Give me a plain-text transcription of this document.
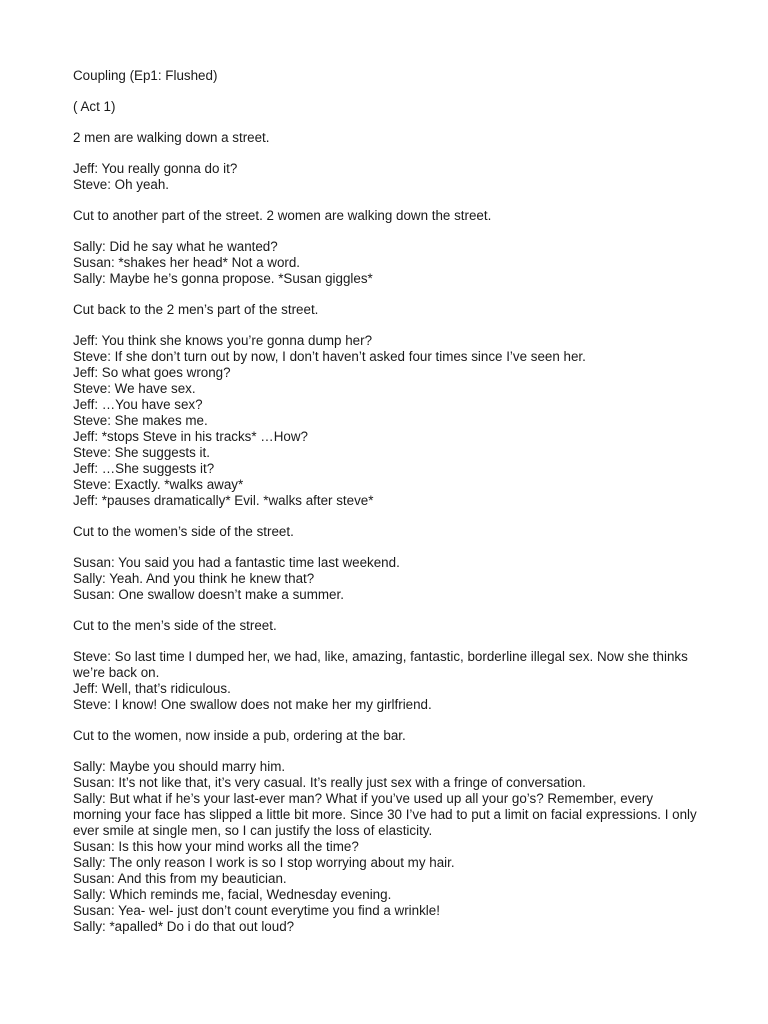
Coupling (Ep1: Flushed)
( Act 1)
2 men are walking down a street.
Jeff: You really gonna do it?
Steve: Oh yeah.
Cut to another part of the street. 2 women are walking down the street.
Sally: Did he say what he wanted?
Susan: *shakes her head* Not a word.
Sally: Maybe he’s gonna propose. *Susan giggles*
Cut back to the 2 men’s part of the street.
Jeff: You think she knows you’re gonna dump her?
Steve: If she don’t turn out by now, I don’t haven’t asked four times since I’ve seen her.
Jeff: So what goes wrong?
Steve: We have sex.
Jeff: …You have sex?
Steve: She makes me.
Jeff: *stops Steve in his tracks* …How?
Steve: She suggests it.
Jeff: …She suggests it?
Steve: Exactly. *walks away*
Jeff: *pauses dramatically* Evil. *walks after steve*
Cut to the women’s side of the street.
Susan: You said you had a fantastic time last weekend.
Sally: Yeah. And you think he knew that?
Susan: One swallow doesn’t make a summer.
Cut to the men’s side of the street.
Steve: So last time I dumped her, we had, like, amazing, fantastic, borderline illegal sex. Now she thinks we’re back on.
Jeff: Well, that’s ridiculous.
Steve: I know! One swallow does not make her my girlfriend.
Cut to the women, now inside a pub, ordering at the bar.
Sally: Maybe you should marry him.
Susan: It’s not like that, it’s very casual. It’s really just sex with a fringe of conversation.
Sally: But what if he’s your last-ever man? What if you’ve used up all your go’s? Remember, every morning your face has slipped a little bit more. Since 30 I’ve had to put a limit on facial expressions. I only ever smile at single men, so I can justify the loss of elasticity.
Susan: Is this how your mind works all the time?
Sally: The only reason I work is so I stop worrying about my hair.
Susan: And this from my beautician.
Sally: Which reminds me, facial, Wednesday evening.
Susan: Yea- wel- just don’t count everytime you find a wrinkle!
Sally: *apalled* Do i do that out loud?
